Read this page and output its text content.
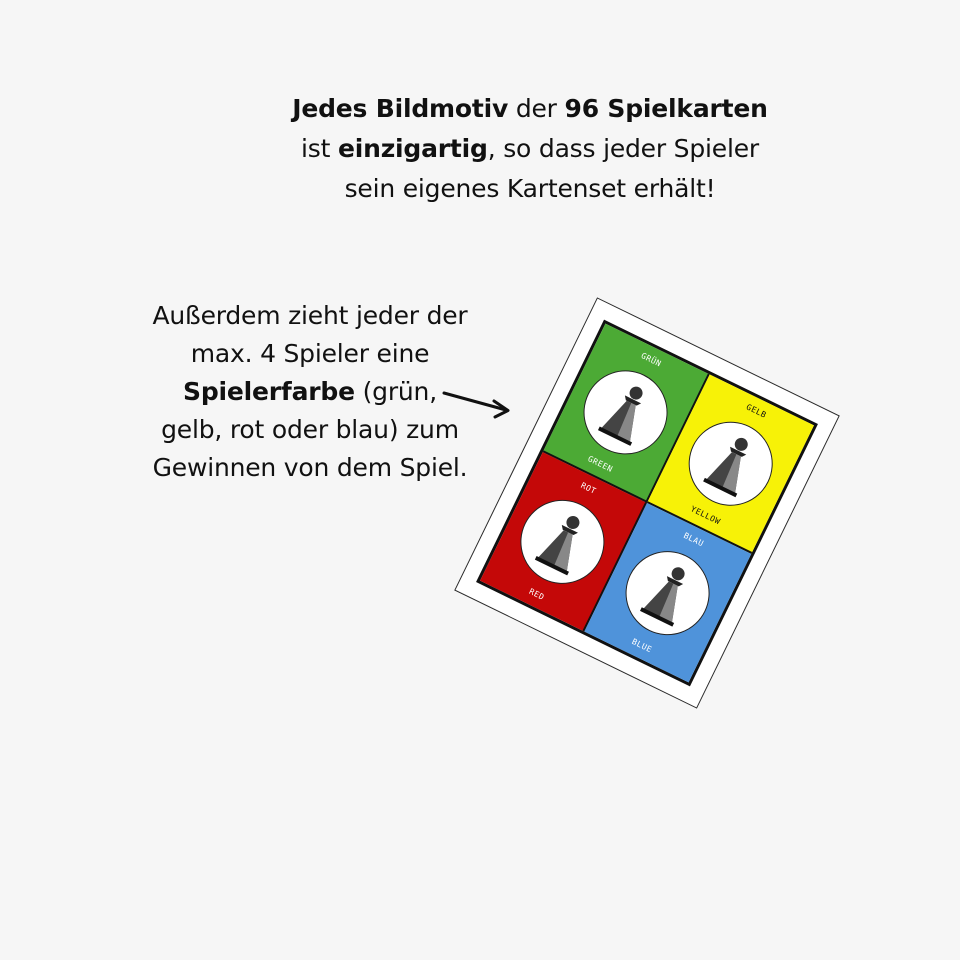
Jedes Bildmotiv der 96 Spielkarten
ist einzigartig, so dass jeder Spieler
sein eigenes Kartenset erhält!
Außerdem zieht jeder der max. 4 Spieler eine Spielerfarbe (grün, gelb, rot oder blau) zum Gewinnen von dem Spiel.
GRÜN
GREEN
GELB
YELLOW
ROT
RED
BLAU
BLUE
